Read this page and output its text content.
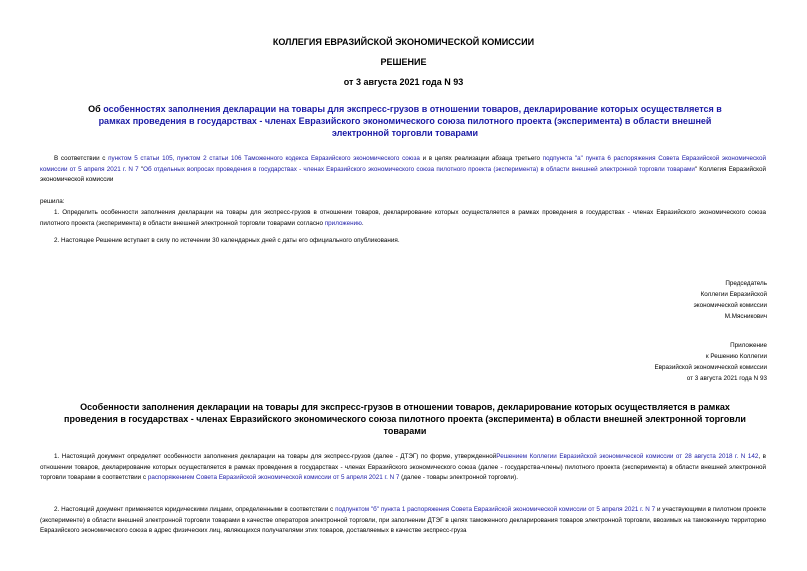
КОЛЛЕГИЯ ЕВРАЗИЙСКОЙ ЭКОНОМИЧЕСКОЙ КОМИССИИ
РЕШЕНИЕ
от 3 августа 2021 года N 93
Об особенностях заполнения декларации на товары для экспресс-грузов в отношении товаров, декларирование которых осуществляется в рамках проведения в государствах - членах Евразийского экономического союза пилотного проекта (эксперимента) в области внешней электронной торговли товарами
В соответствии с пунктом 5 статьи 105, пунктом 2 статьи 106 Таможенного кодекса Евразийского экономического союза и в целях реализации абзаца третьего подпункта "а" пункта 6 распоряжения Совета Евразийской экономической комиссии от 5 апреля 2021 г. N 7 "Об отдельных вопросах проведения в государствах - членах Евразийского экономического союза пилотного проекта (эксперимента) в области внешней электронной торговли товарами" Коллегия Евразийской экономической комиссии
решила:
1. Определить особенности заполнения декларации на товары для экспресс-грузов в отношении товаров, декларирование которых осуществляется в рамках проведения в государствах - членах Евразийского экономического союза пилотного проекта (эксперимента) в области внешней электронной торговли товарами согласно приложению.
2. Настоящее Решение вступает в силу по истечении 30 календарных дней с даты его официального опубликования.
Председатель
Коллегии Евразийской
экономической комиссии
М.Мясникович
Приложение
к Решению Коллегии
Евразийской экономической комиссии
от 3 августа 2021 года N 93
Особенности заполнения декларации на товары для экспресс-грузов в отношении товаров, декларирование которых осуществляется в рамках проведения в государствах - членах Евразийского экономического союза пилотного проекта (эксперимента) в области внешней электронной торговли товарами
1. Настоящий документ определяет особенности заполнения декларации на товары для экспресс-грузов (далее - ДТЭГ) по форме, утвержденнойРешением Коллегии Евразийской экономической комиссии от 28 августа 2018 г. N 142, в отношении товаров, декларирование которых осуществляется в рамках проведения в государствах - членах Евразийского экономического союза (далее - государства-члены) пилотного проекта (эксперимента) в области внешней электронной торговли товарами в соответствии с распоряжением Совета Евразийской экономической комиссии от 5 апреля 2021 г. N 7 (далее - товары электронной торговли).
2. Настоящий документ применяется юридическими лицами, определенными в соответствии с подпунктом "б" пункта 1 распоряжения Совета Евразийской экономической комиссии от 5 апреля 2021 г. N 7 и участвующими в пилотном проекте (эксперименте) в области внешней электронной торговли товарами в качестве операторов электронной торговли, при заполнении ДТЭГ в целях таможенного декларирования товаров электронной торговли, ввозимых на таможенную территорию Евразийского экономического союза в адрес физических лиц, являющихся получателями этих товаров, доставляемых в качестве экспресс-груза
